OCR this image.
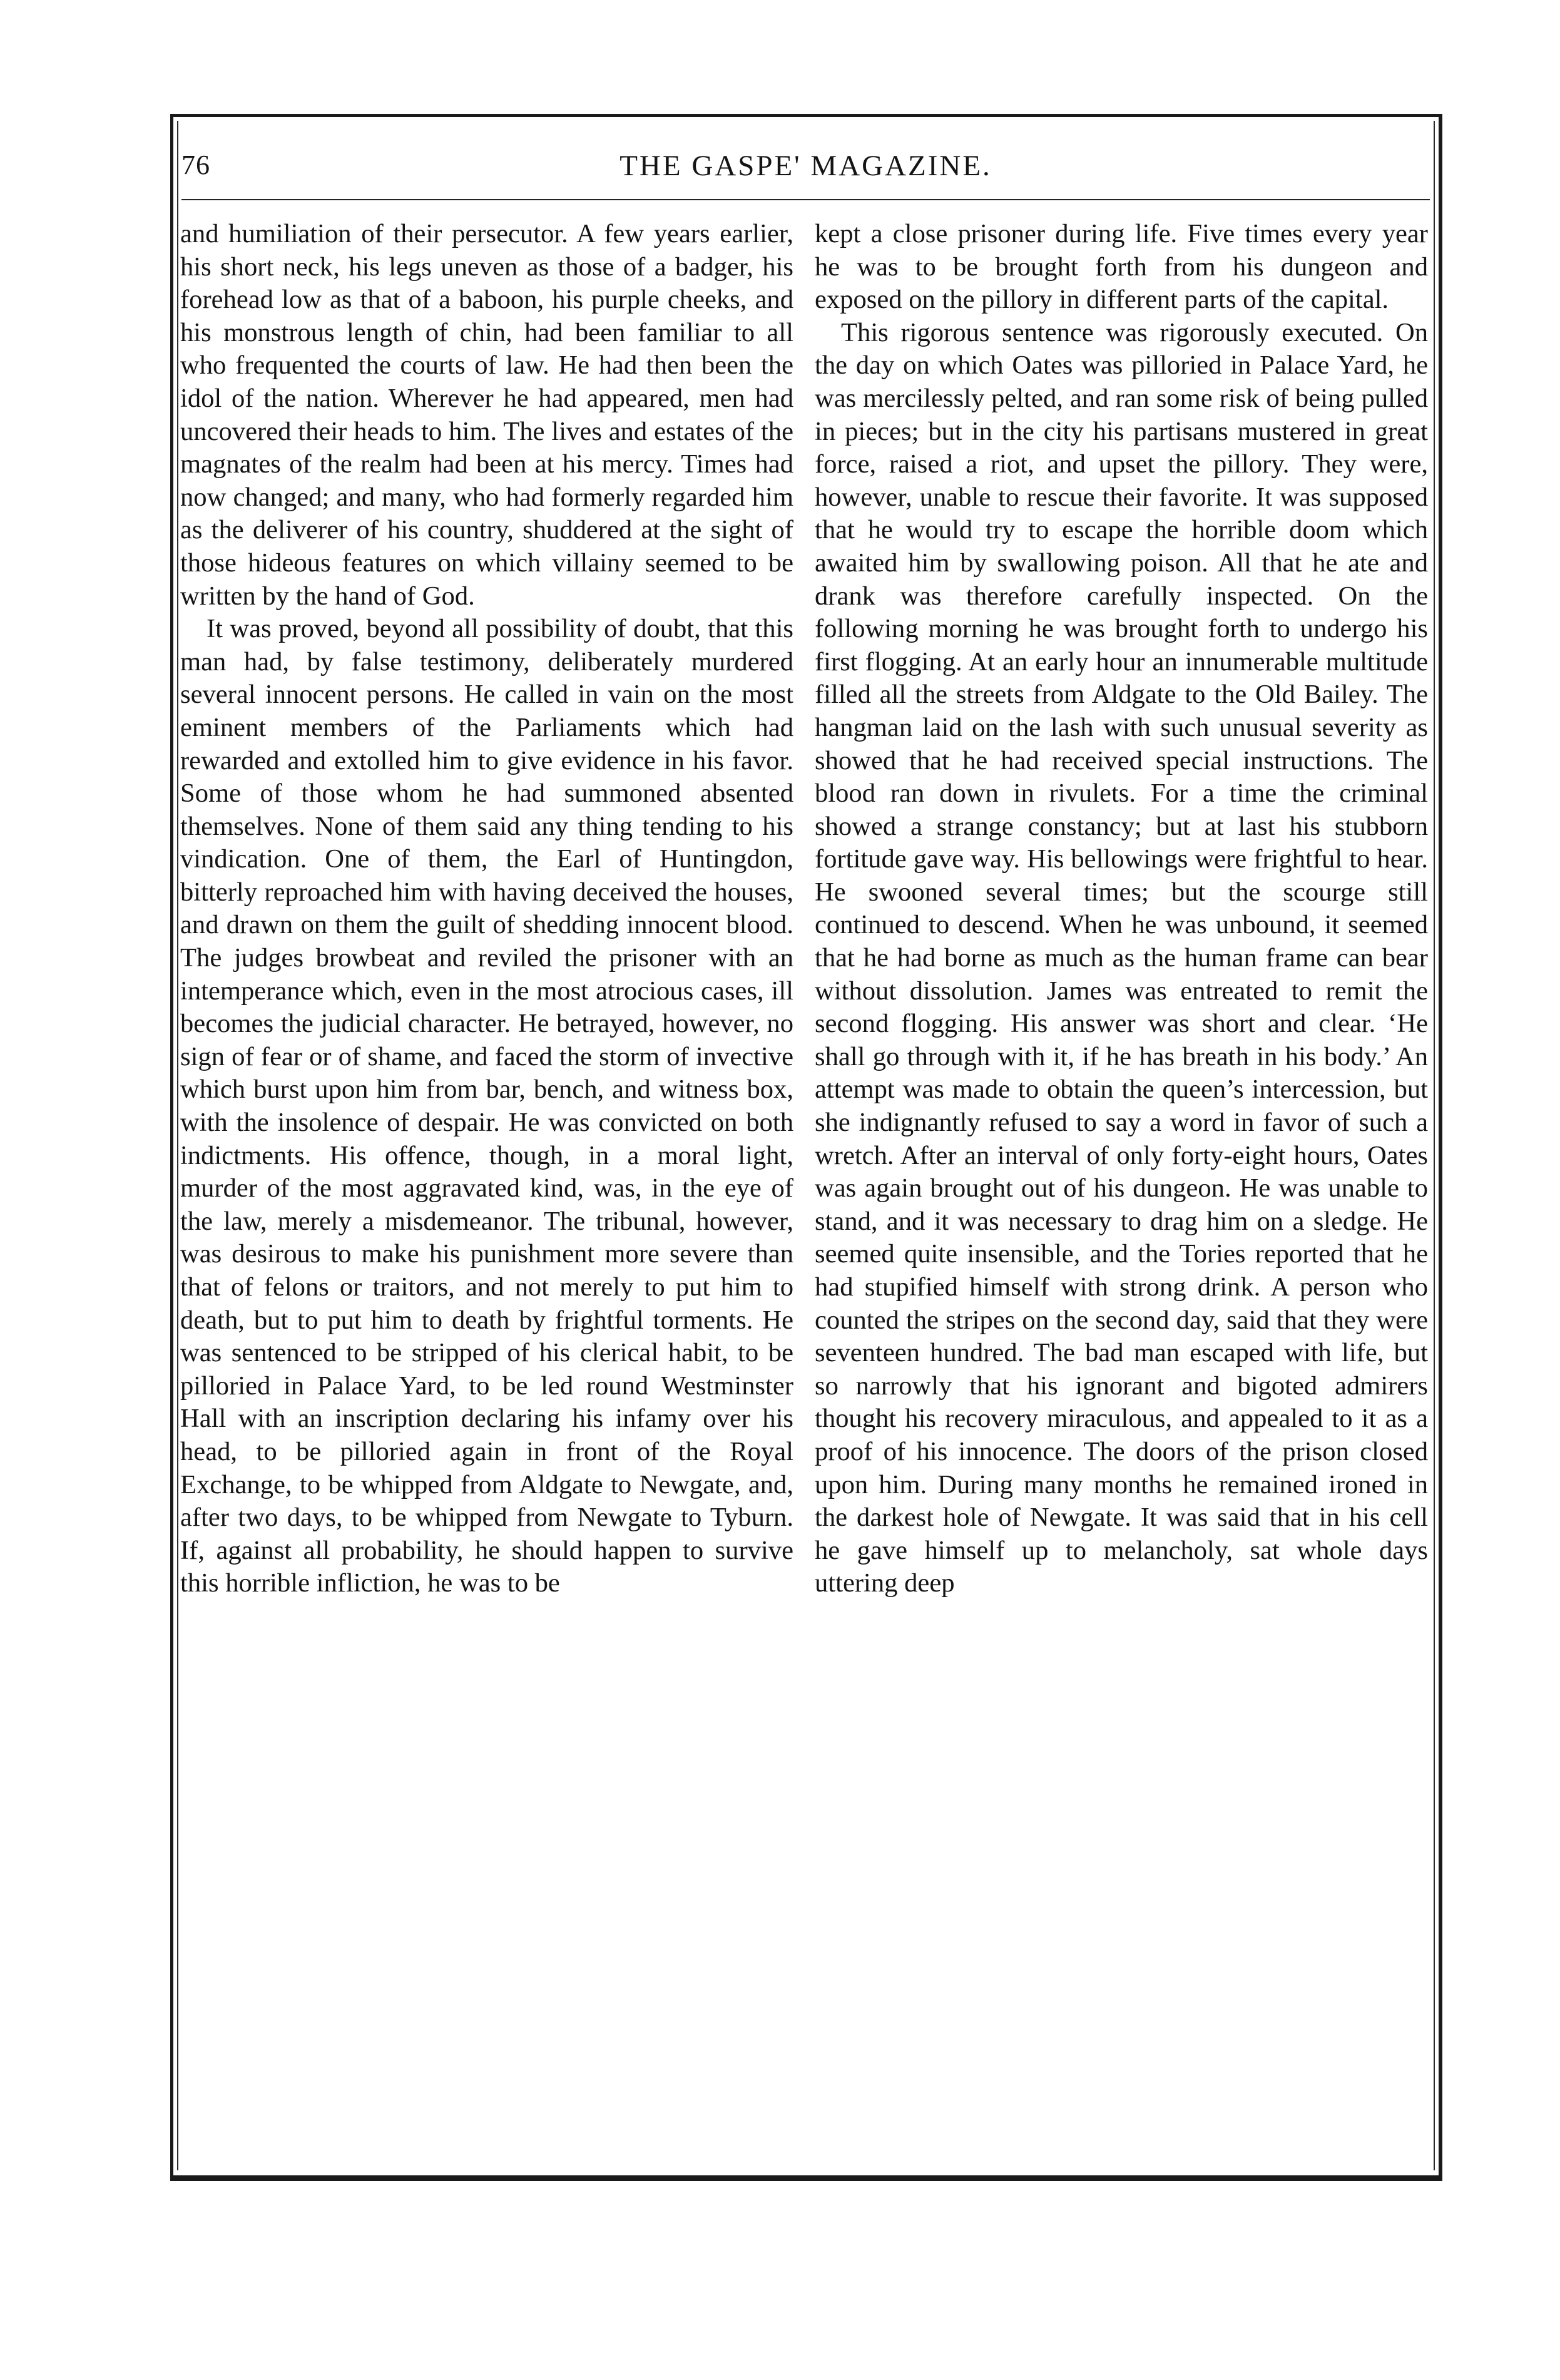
76	THE GASPE' MAGAZINE.

and humiliation of their persecutor. A few years earlier, his short neck, his legs uneven as those of a badger, his forehead low as that of a baboon, his purple cheeks, and his monstrous length of chin, had been familiar to all who frequented the courts of law. He had then been the idol of the nation. Wherever he had appeared, men had uncovered their heads to him. The lives and estates of the magnates of the realm had been at his mercy. Times had now changed; and many, who had formerly regarded him as the deliverer of his country, shuddered at the sight of those hideous features on which villainy seemed to be written by the hand of God.

It was proved, beyond all possibility of doubt, that this man had, by false testimony, deliberately murdered several innocent persons. He called in vain on the most eminent members of the Parliaments which had rewarded and extolled him to give evidence in his favor. Some of those whom he had summoned absented themselves. None of them said any thing tending to his vindication. One of them, the Earl of Huntingdon, bitterly reproached him with having deceived the houses, and drawn on them the guilt of shedding innocent blood. The judges browbeat and reviled the prisoner with an intemperance which, even in the most atrocious cases, ill becomes the judicial character. He betrayed, however, no sign of fear or of shame, and faced the storm of invective which burst upon him from bar, bench, and witness box, with the insolence of despair. He was convicted on both indictments. His offence, though, in a moral light, murder of the most aggravated kind, was, in the eye of the law, merely a misdemeanor. The tribunal, however, was desirous to make his punishment more severe than that of felons or traitors, and not merely to put him to death, but to put him to death by frightful torments. He was sentenced to be stripped of his clerical habit, to be pilloried in Palace Yard, to be led round Westminster Hall with an inscription declaring his infamy over his head, to be pilloried again in front of the Royal Exchange, to be whipped from Aldgate to Newgate, and, after two days, to be whipped from Newgate to Tyburn. If, against all probability, he should happen to survive this horrible infliction, he was to be

kept a close prisoner during life. Five times every year he was to be brought forth from his dungeon and exposed on the pillory in different parts of the capital.

This rigorous sentence was rigorously executed. On the day on which Oates was pilloried in Palace Yard, he was mercilessly pelted, and ran some risk of being pulled in pieces; but in the city his partisans mustered in great force, raised a riot, and upset the pillory. They were, however, unable to rescue their favorite. It was supposed that he would try to escape the horrible doom which awaited him by swallowing poison. All that he ate and drank was therefore carefully inspected. On the following morning he was brought forth to undergo his first flogging. At an early hour an innumerable multitude filled all the streets from Aldgate to the Old Bailey. The hangman laid on the lash with such unusual severity as showed that he had received special instructions. The blood ran down in rivulets. For a time the criminal showed a strange constancy; but at last his stubborn fortitude gave way. His bellowings were frightful to hear. He swooned several times; but the scourge still continued to descend. When he was unbound, it seemed that he had borne as much as the human frame can bear without dissolution. James was entreated to remit the second flogging. His answer was short and clear. ‘He shall go through with it, if he has breath in his body.’ An attempt was made to obtain the queen’s intercession, but she indignantly refused to say a word in favor of such a wretch. After an interval of only forty-eight hours, Oates was again brought out of his dungeon. He was unable to stand, and it was necessary to drag him on a sledge. He seemed quite insensible, and the Tories reported that he had stupified himself with strong drink. A person who counted the stripes on the second day, said that they were seventeen hundred. The bad man escaped with life, but so narrowly that his ignorant and bigoted admirers thought his recovery miraculous, and appealed to it as a proof of his innocence. The doors of the prison closed upon him. During many months he remained ironed in the darkest hole of Newgate. It was said that in his cell he gave himself up to melancholy, sat whole days uttering deep
